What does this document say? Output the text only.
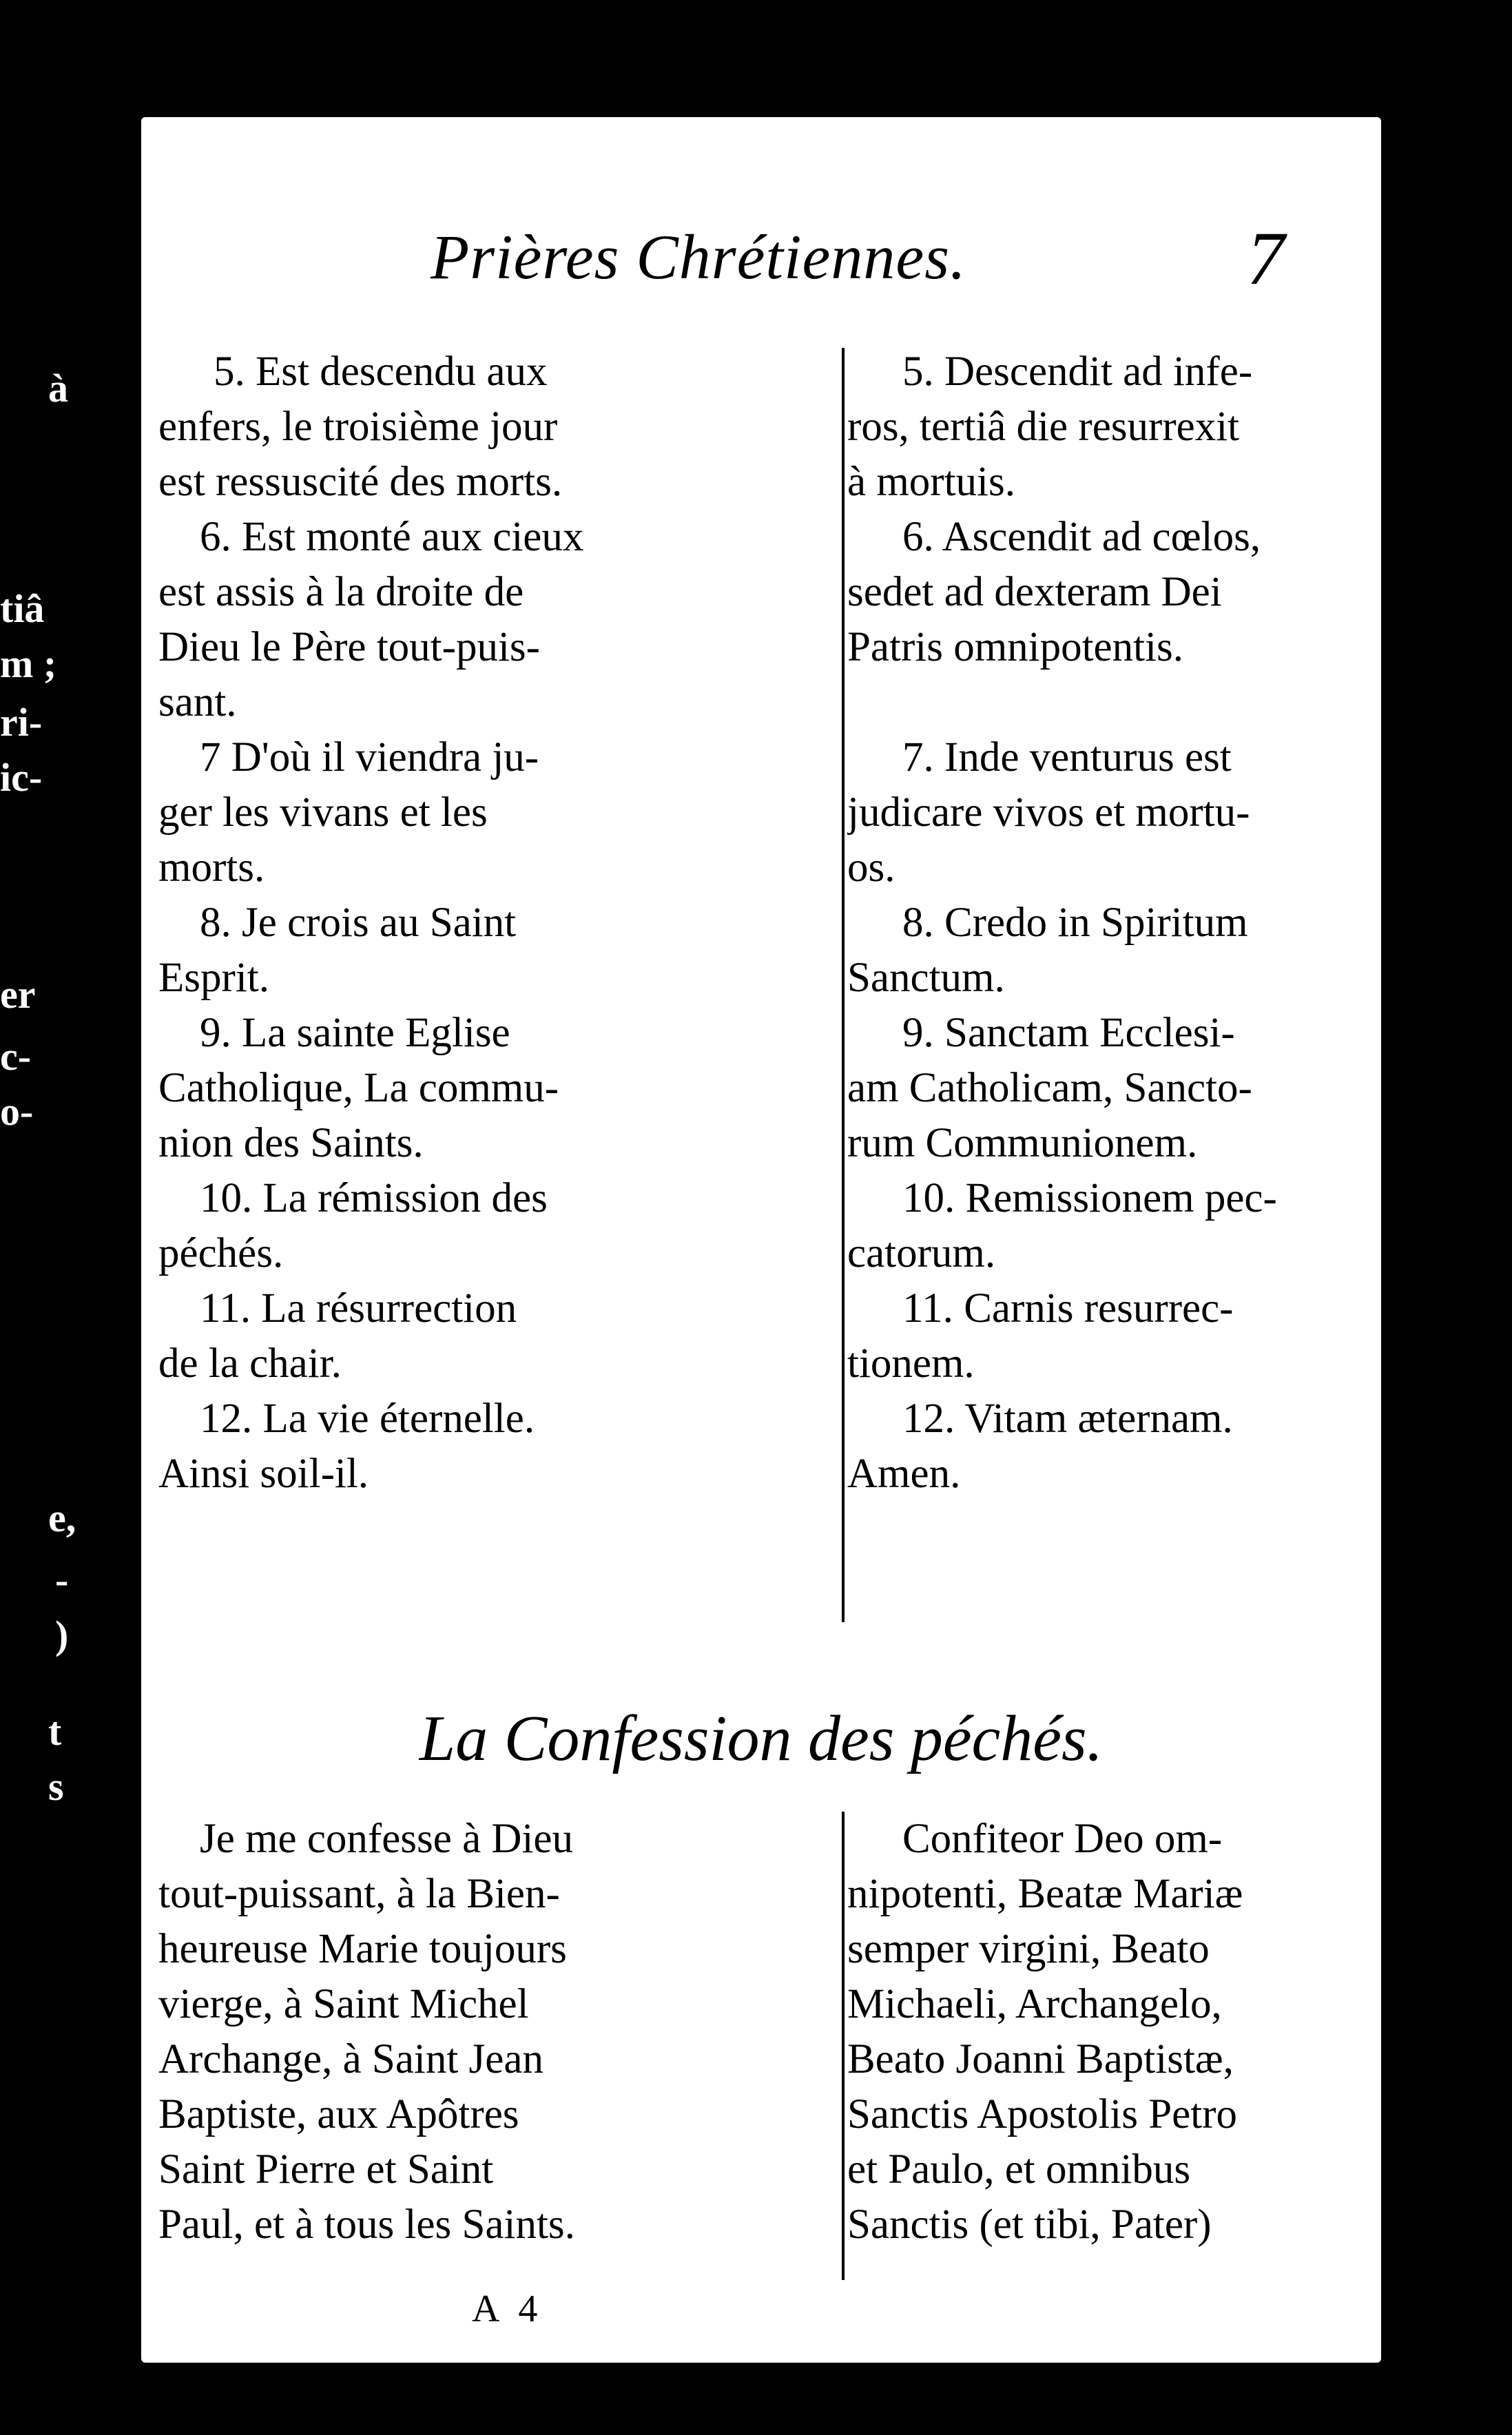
à
tiâ
m ;
ri-
ic-
er
c-
o-
t
s
e,
-
)
Prières Chrétiennes.	7
5. Est descendu aux
enfers, le troisième jour
est ressuscité des morts.
6. Est monté aux cieux
est assis à la droite de
Dieu le Père tout-puis-
sant.
7 D'où il viendra ju-
ger les vivans et les
morts.
8. Je crois au Saint
Esprit.
9. La sainte Eglise
Catholique, La commu-
nion des Saints.
10. La rémission des
péchés.
11. La résurrection
de la chair.
12. La vie éternelle.
Ainsi soil-il.
5. Descendit ad infe-
ros, tertiâ die resurrexit
à mortuis.
6. Ascendit ad cœlos,
sedet ad dexteram Dei
Patris omnipotentis.
7. Inde venturus est
judicare vivos et mortu-
os.
8. Credo in Spiritum
Sanctum.
9. Sanctam Ecclesi-
am Catholicam, Sancto-
rum Communionem.
10. Remissionem pec-
catorum.
11. Carnis resurrec-
tionem.
12. Vitam æternam.
Amen.
La Confession des péchés.
Je me confesse à Dieu
tout-puissant, à la Bien-
heureuse Marie toujours
vierge, à Saint Michel
Archange, à Saint Jean
Baptiste, aux Apôtres
Saint Pierre et Saint
Paul, et à tous les Saints.
Confiteor Deo om-
nipotenti, Beatæ Mariæ
semper virgini, Beato
Michaeli, Archangelo,
Beato Joanni Baptistæ,
Sanctis Apostolis Petro
et Paulo, et omnibus
Sanctis (et tibi, Pater)
A 4
